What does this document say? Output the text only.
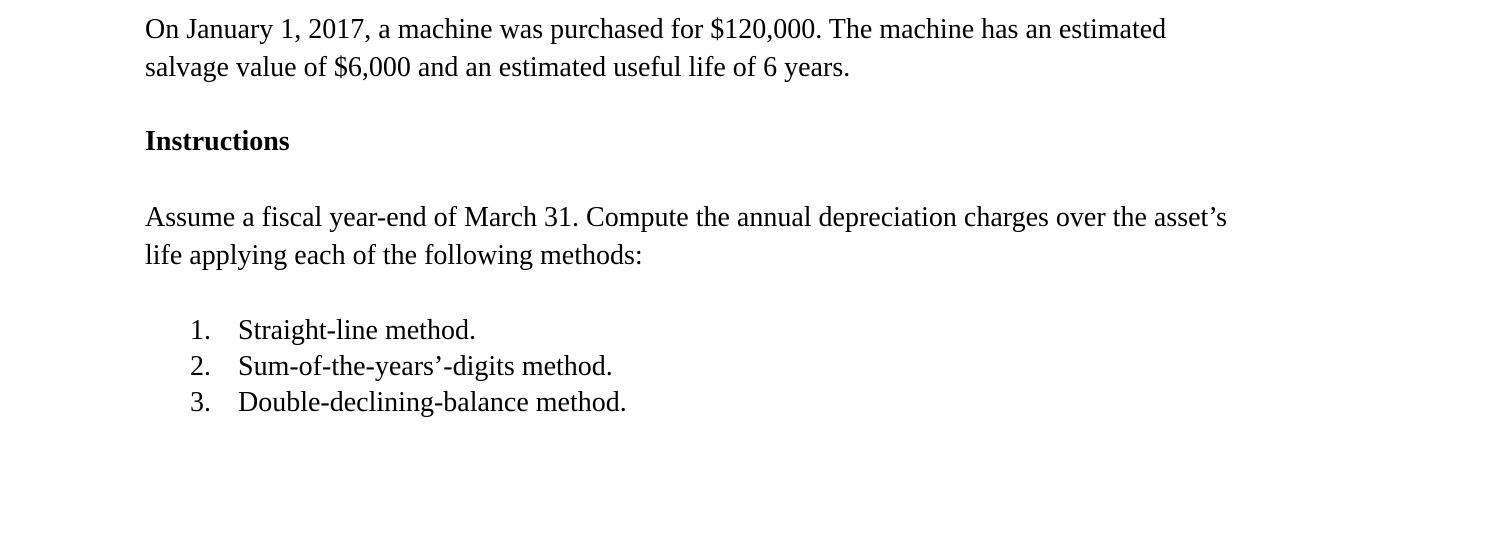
On January 1, 2017, a machine was purchased for $120,000. The machine has an estimated
salvage value of $6,000 and an estimated useful life of 6 years.

Instructions

Assume a fiscal year-end of March 31. Compute the annual depreciation charges over the asset’s
life applying each of the following methods:

1. Straight-line method.
2. Sum-of-the-years’-digits method.
3. Double-declining-balance method.
